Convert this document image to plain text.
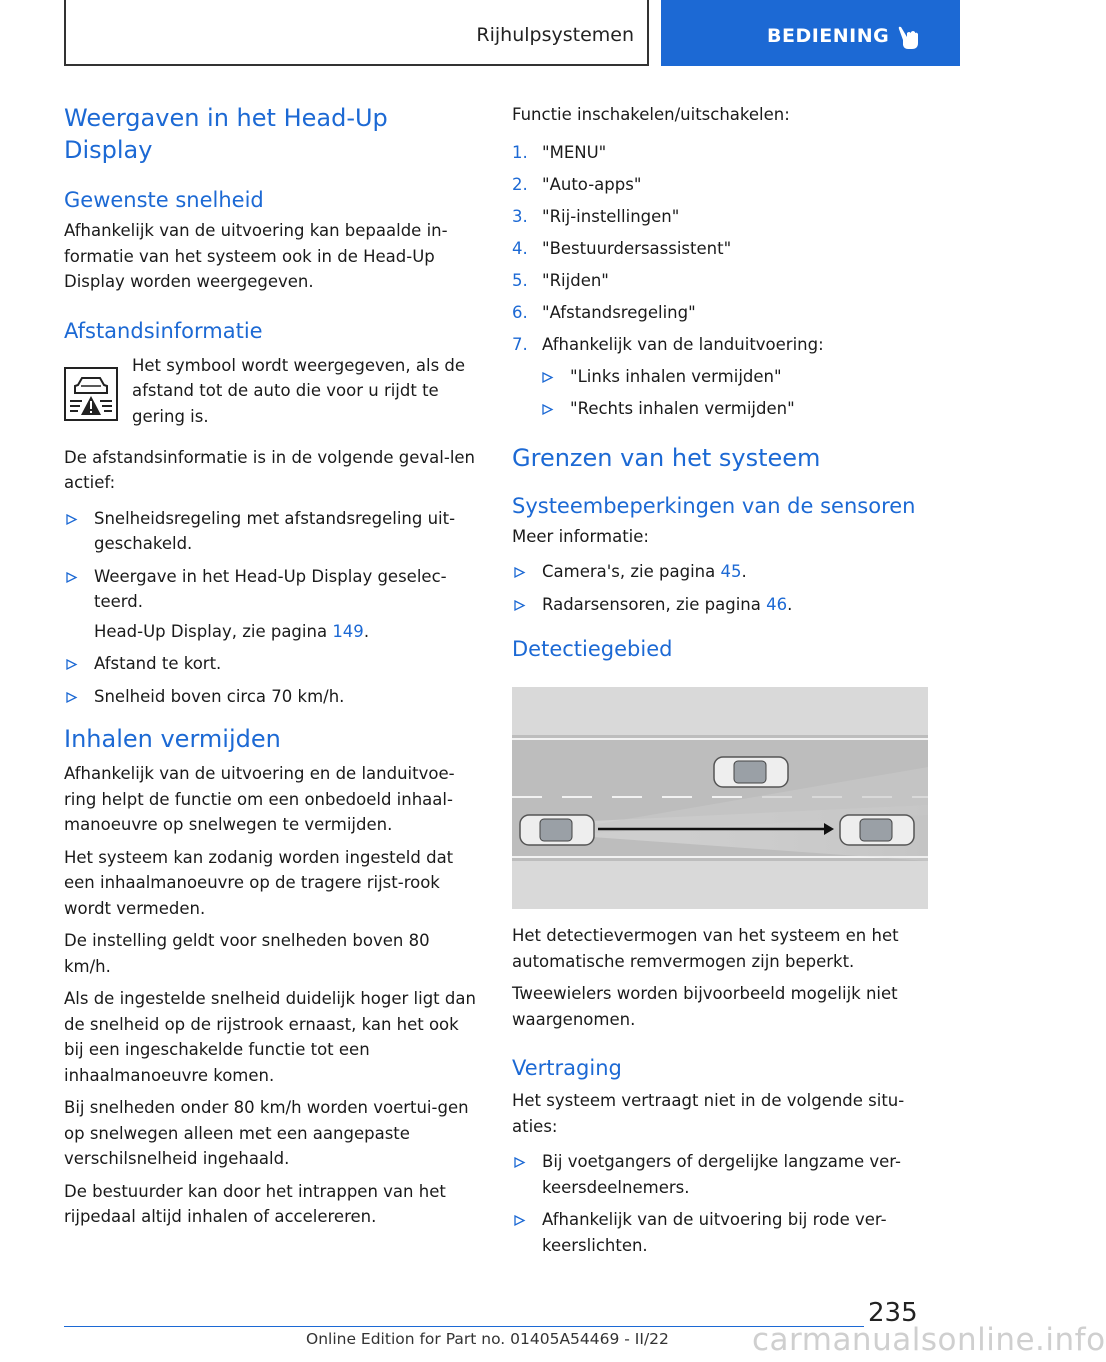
Rijhulpsystemen	BEDIENING
Weergaven in het Head-Up Display
Gewenste snelheid

Afhankelijk van de uitvoering kan bepaalde in-formatie van het systeem ook in de Head-Up Display worden weergegeven.

Afstandsinformatie

Het symbool wordt weergegeven, als de afstand tot de auto die voor u rijdt te gering is.

De afstandsinformatie is in de volgende geval-len actief:

Snelheidsregeling met afstandsregeling uit-geschakeld.
Weergave in het Head-Up Display geselec-teerd.
Head-Up Display, zie pagina 149.
Afstand te kort.
Snelheid boven circa 70 km/h.
Inhalen vermijden

Afhankelijk van de uitvoering en de landuitvoe-ring helpt de functie om een onbedoeld inhaal-manoeuvre op snelwegen te vermijden.

Het systeem kan zodanig worden ingesteld dat een inhaalmanoeuvre op de tragere rijst-rook wordt vermeden.

De instelling geldt voor snelheden boven 80 km/h.

Als de ingestelde snelheid duidelijk hoger ligt dan de snelheid op de rijstrook ernaast, kan het ook bij een ingeschakelde functie tot een inhaalmanoeuvre komen.

Bij snelheden onder 80 km/h worden voertui-gen op snelwegen alleen met een aangepaste verschilsnelheid ingehaald.

De bestuurder kan door het intrappen van het rijpedaal altijd inhalen of accelereren.

Functie inschakelen/uitschakelen:

1. "MENU"
2. "Auto-apps"
3. "Rij-instellingen"
4. "Bestuurdersassistent"
5. "Rijden"
6. "Afstandsregeling"
7. Afhankelijk van de landuitvoering:
"Links inhalen vermijden"
"Rechts inhalen vermijden"
Grenzen van het systeem
Systeembeperkingen van de sensoren

Meer informatie:

Camera's, zie pagina 45.
Radarsensoren, zie pagina 46.
Detectiegebied

Het detectievermogen van het systeem en het automatische remvermogen zijn beperkt.

Tweewielers worden bijvoorbeeld mogelijk niet waargenomen.

Vertraging

Het systeem vertraagt niet in de volgende situ-aties:

Bij voetgangers of dergelijke langzame ver-keersdeelnemers.
Afhankelijk van de uitvoering bij rode ver-keerslichten.
235
Online Edition for Part no. 01405A54469 - II/22	carmanualsonline.info
